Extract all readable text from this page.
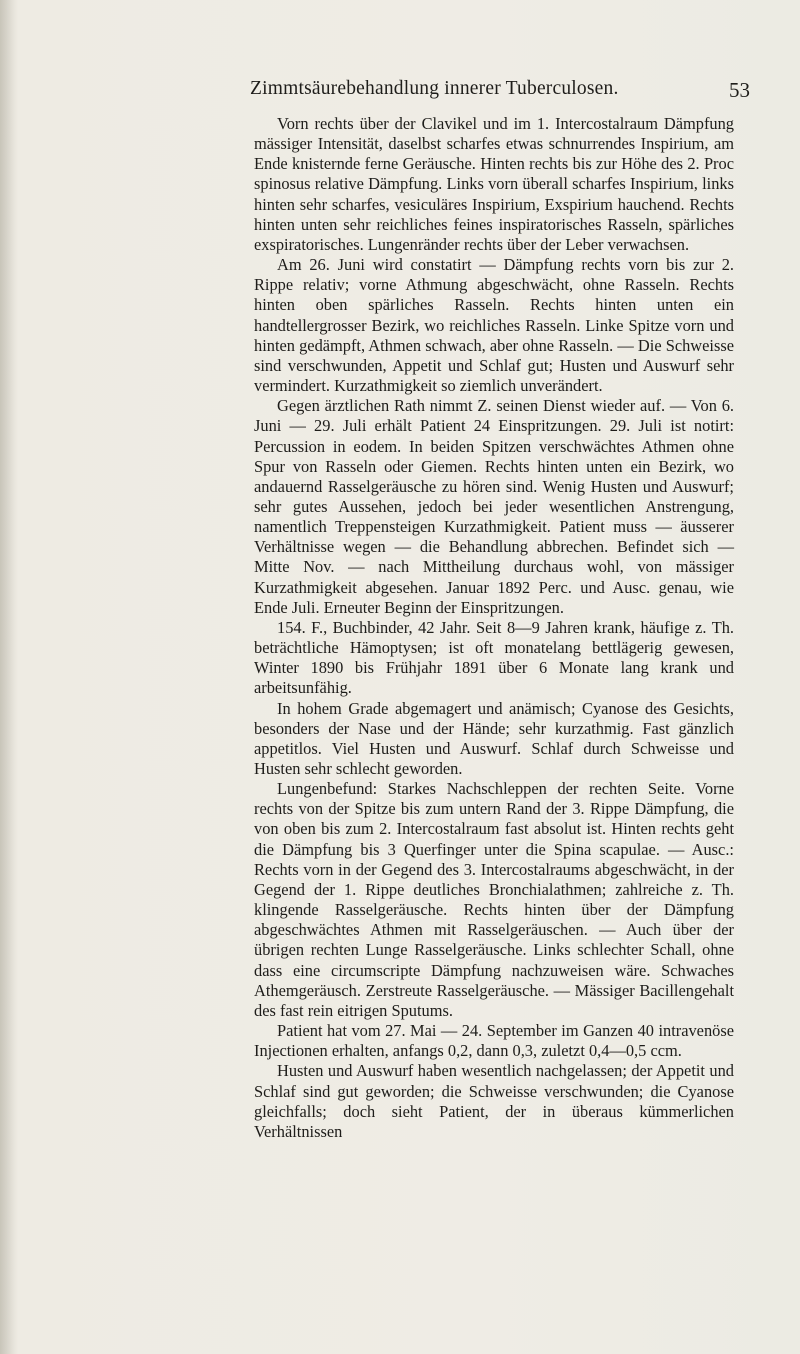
Zimmtsäurebehandlung innerer Tuberculosen.	53

Vorn rechts über der Clavikel und im 1. Intercostalraum Dämpfung mässiger Intensität, daselbst scharfes etwas schnurrendes Inspirium, am Ende knisternde ferne Geräusche. Hinten rechts bis zur Höhe des 2. Proc spinosus relative Dämpfung. Links vorn überall scharfes Inspirium, links hinten sehr scharfes, vesiculäres Inspirium, Exspirium hauchend. Rechts hinten unten sehr reichliches feines inspiratorisches Rasseln, spärliches exspiratorisches. Lungenränder rechts über der Leber verwachsen.

Am 26. Juni wird constatirt — Dämpfung rechts vorn bis zur 2. Rippe relativ; vorne Athmung abgeschwächt, ohne Rasseln. Rechts hinten oben spärliches Rasseln. Rechts hinten unten ein handtellergrosser Bezirk, wo reichliches Rasseln. Linke Spitze vorn und hinten gedämpft, Athmen schwach, aber ohne Rasseln. — Die Schweisse sind verschwunden, Appetit und Schlaf gut; Husten und Auswurf sehr vermindert. Kurzathmigkeit so ziemlich unverändert.

Gegen ärztlichen Rath nimmt Z. seinen Dienst wieder auf. — Von 6. Juni — 29. Juli erhält Patient 24 Einspritzungen. 29. Juli ist notirt: Percussion in eodem. In beiden Spitzen verschwächtes Athmen ohne Spur von Rasseln oder Giemen. Rechts hinten unten ein Bezirk, wo andauernd Rasselgeräusche zu hören sind. Wenig Husten und Auswurf; sehr gutes Aussehen, jedoch bei jeder wesentlichen Anstrengung, namentlich Treppensteigen Kurzathmigkeit. Patient muss — äusserer Verhältnisse wegen — die Behandlung abbrechen. Befindet sich — Mitte Nov. — nach Mittheilung durchaus wohl, von mässiger Kurzathmigkeit abgesehen. Januar 1892 Perc. und Ausc. genau, wie Ende Juli. Erneuter Beginn der Einspritzungen.

154. F., Buchbinder, 42 Jahr. Seit 8—9 Jahren krank, häufige z. Th. beträchtliche Hämoptysen; ist oft monatelang bettlägerig gewesen, Winter 1890 bis Frühjahr 1891 über 6 Monate lang krank und arbeitsunfähig.

In hohem Grade abgemagert und anämisch; Cyanose des Gesichts, besonders der Nase und der Hände; sehr kurzathmig. Fast gänzlich appetitlos. Viel Husten und Auswurf. Schlaf durch Schweisse und Husten sehr schlecht geworden.

Lungenbefund: Starkes Nachschleppen der rechten Seite. Vorne rechts von der Spitze bis zum untern Rand der 3. Rippe Dämpfung, die von oben bis zum 2. Intercostalraum fast absolut ist. Hinten rechts geht die Dämpfung bis 3 Querfinger unter die Spina scapulae. — Ausc.: Rechts vorn in der Gegend des 3. Intercostalraums abgeschwächt, in der Gegend der 1. Rippe deutliches Bronchialathmen; zahlreiche z. Th. klingende Rasselgeräusche. Rechts hinten über der Dämpfung abgeschwächtes Athmen mit Rasselgeräuschen. — Auch über der übrigen rechten Lunge Rasselgeräusche. Links schlechter Schall, ohne dass eine circumscripte Dämpfung nachzuweisen wäre. Schwaches Athemgeräusch. Zerstreute Rasselgeräusche. — Mässiger Bacillengehalt des fast rein eitrigen Sputums.

Patient hat vom 27. Mai — 24. September im Ganzen 40 intravenöse Injectionen erhalten, anfangs 0,2, dann 0,3, zuletzt 0,4—0,5 ccm.

Husten und Auswurf haben wesentlich nachgelassen; der Appetit und Schlaf sind gut geworden; die Schweisse verschwunden; die Cyanose gleichfalls; doch sieht Patient, der in überaus kümmerlichen Verhältnissen
